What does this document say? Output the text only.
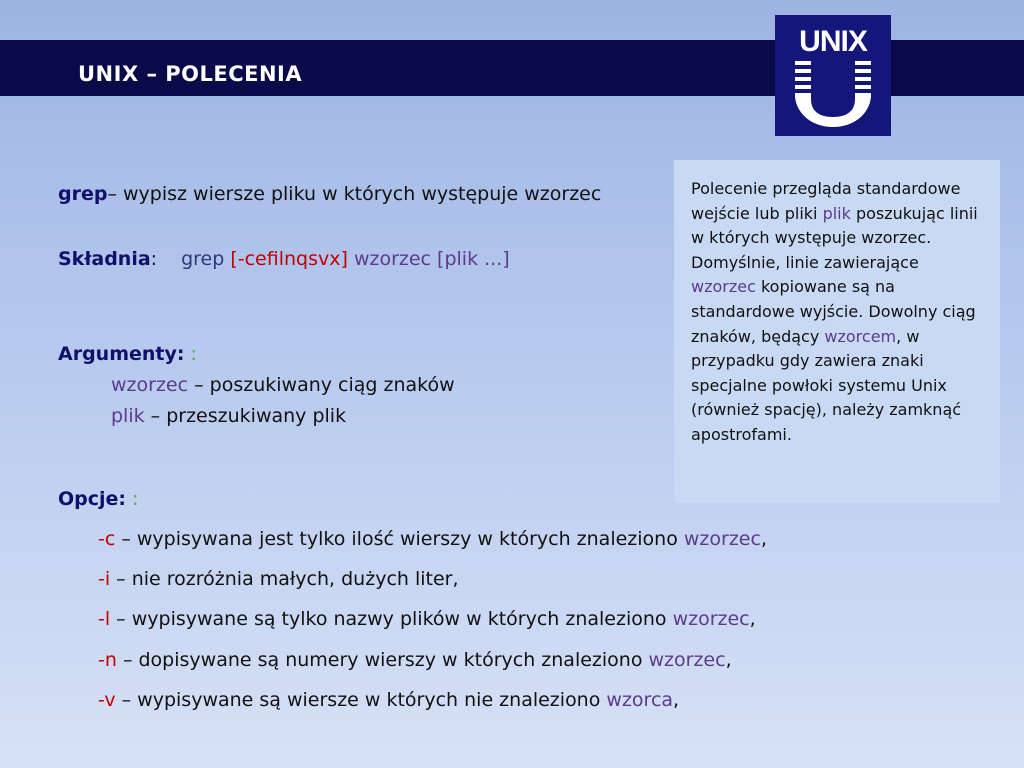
UNIX – POLECENIA
UNIX
grep– wypisz wiersze pliku w których występuje wzorzec
Składnia: grep [-cefilnqsvx] wzorzec [plik ...]
Argumenty: :
wzorzec – poszukiwany ciąg znaków
plik – przeszukiwany plik
Opcje: :
-c – wypisywana jest tylko ilość wierszy w których znaleziono wzorzec,
-i – nie rozróżnia małych, dużych liter,
-l – wypisywane są tylko nazwy plików w których znaleziono wzorzec,
-n – dopisywane są numery wierszy w których znaleziono wzorzec,
-v – wypisywane są wiersze w których nie znaleziono wzorca,
Polecenie przegląda standardowe wejście lub pliki plik poszukując linii w których występuje wzorzec. Domyślnie, linie zawierające wzorzec kopiowane są na standardowe wyjście. Dowolny ciąg znaków, będący wzorcem, w przypadku gdy zawiera znaki specjalne powłoki systemu Unix (również spację), należy zamknąć apostrofami.
